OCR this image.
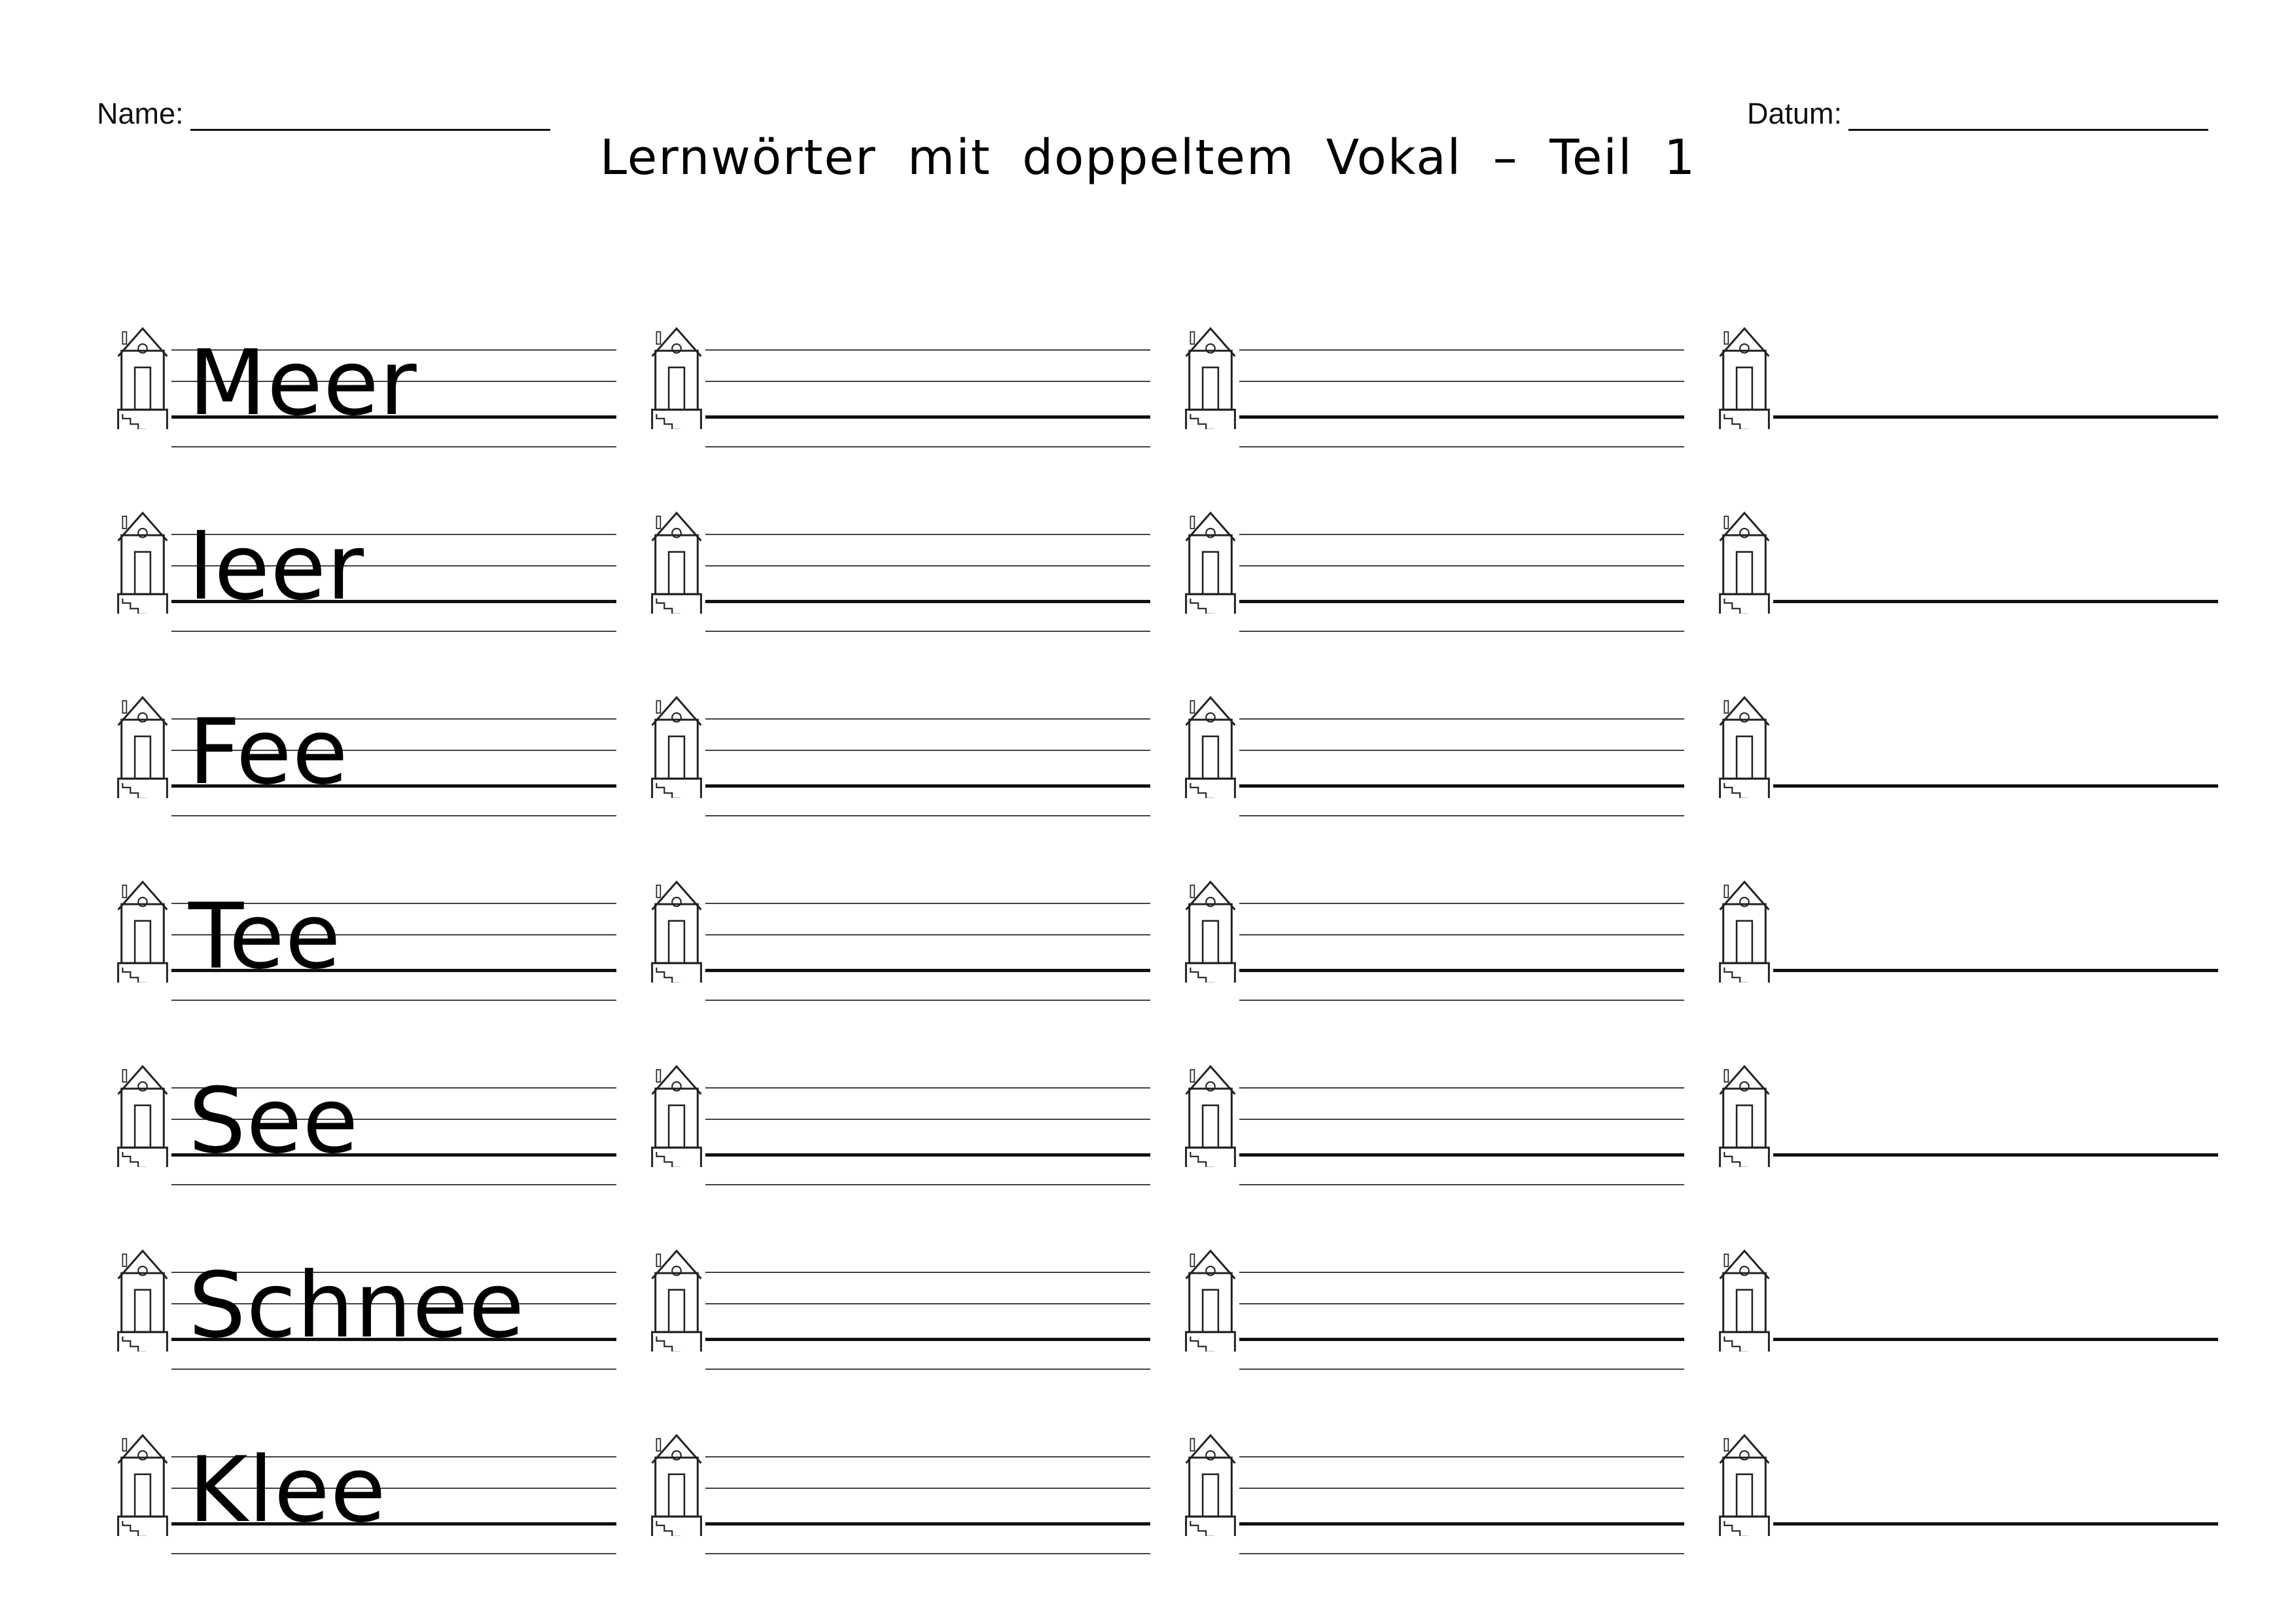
Name:	Datum:
Lernwörter mit doppeltem Vokal – Teil 1
Meer
leer
Fee
Tee
See
Schnee
Klee
